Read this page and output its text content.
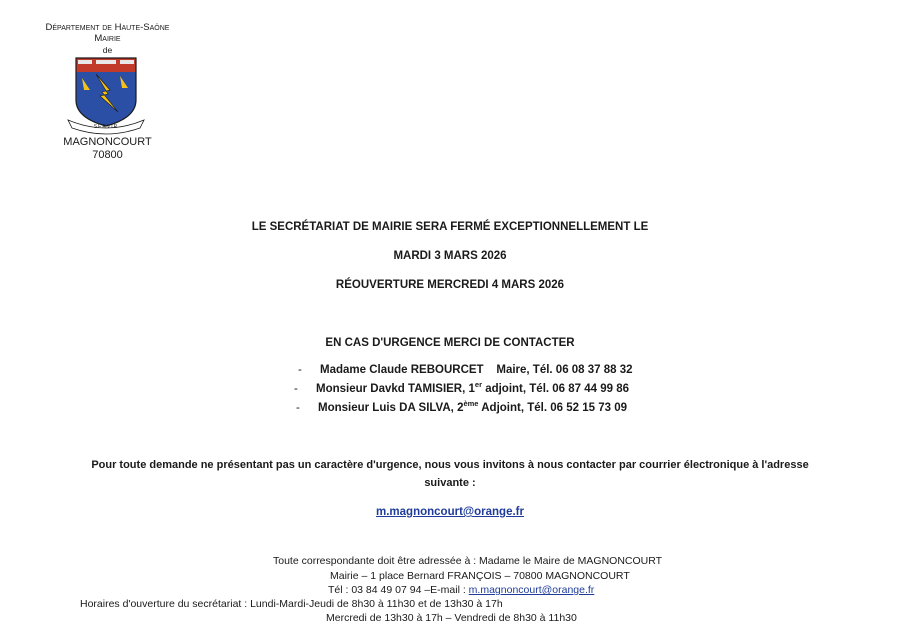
Département de Haute-Saône
Mairie
de
SERVIR
MAGNONCOURT
70800
LE SECRÉTARIAT DE MAIRIE SERA FERMÉ EXCEPTIONNELLEMENT LE
MARDI 3 MARS 2026
RÉOUVERTURE MERCREDI 4 MARS 2026
EN CAS D'URGENCE MERCI DE CONTACTER
- Madame Claude REBOURCET    Maire, Tél. 06 08 37 88 32
- Monsieur Davkd TAMISIER, 1er adjoint, Tél. 06 87 44 99 86
- Monsieur Luis DA SILVA, 2ème Adjoint, Tél. 06 52 15 73 09
Pour toute demande ne présentant pas un caractère d'urgence, nous vous invitons à nous contacter par courrier électronique à l'adresse
suivante :
m.magnoncourt@orange.fr
Toute correspondante doit être adressée à : Madame le Maire de MAGNONCOURT
Mairie – 1 place Bernard FRANÇOIS – 70800 MAGNONCOURT
Tél : 03 84 49 07 94 –E-mail : m.magnoncourt@orange.fr
Horaires d'ouverture du secrétariat : Lundi-Mardi-Jeudi de 8h30 à 11h30 et de 13h30 à 17h
Mercredi de 13h30 à 17h – Vendredi de 8h30 à 11h30
